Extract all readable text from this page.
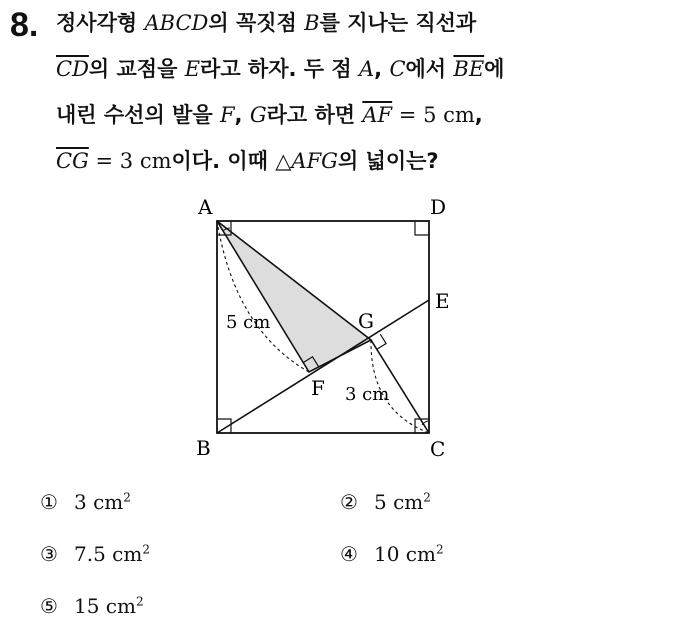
8. 정사각형 ABCD의 꼭짓점 B를 지나는 직선과
$\overline{CD}$의 교점을 E라고 하자. 두 점 A, C에서 $\overline{BE}$에
내린 수선의 발을 F, G라고 하면 $\overline{AF} = 5$ cm,
$\overline{CG} = 3$ cm이다. 이때 △AFG의 넓이는?
A	D
B	C
E
G
F
5 cm
3 cm
① 3 $cm^2$	② 5 $cm^2$
③ 7.5 $cm^2$	④ 10 $cm^2$
⑤ 15 $cm^2$
